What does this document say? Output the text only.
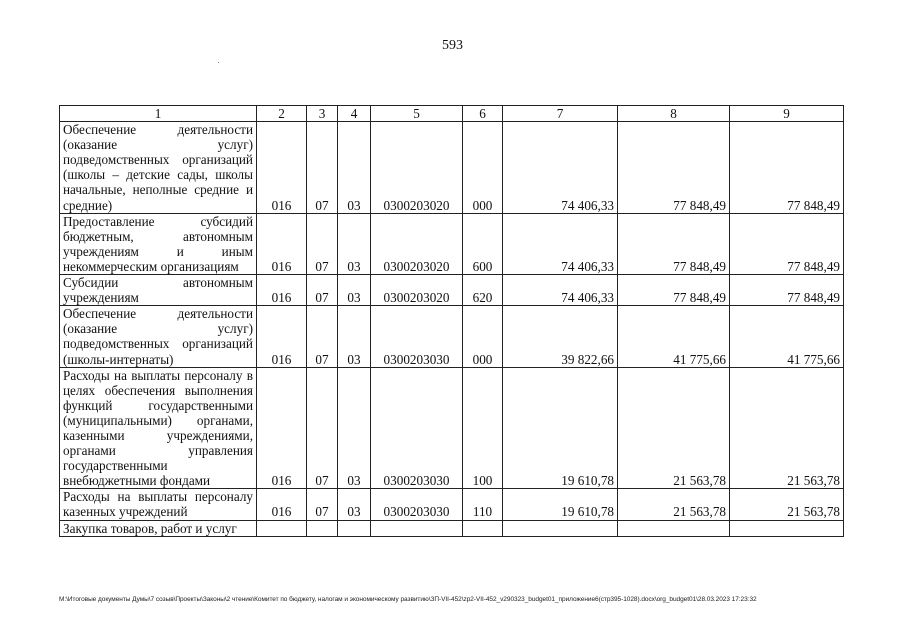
593
1	2	3	4	5	6	7	8	9
Обеспечение деятельности (оказание услуг) подведомственных организаций (школы – детские сады, школы начальные, неполные средние и средние)	016	07	03	0300203020	000	74 406,33	77 848,49	77 848,49
Предоставление субсидий бюджетным, автономным учреждениям и иным некоммерческим организациям	016	07	03	0300203020	600	74 406,33	77 848,49	77 848,49
Субсидии автономным учреждениям	016	07	03	0300203020	620	74 406,33	77 848,49	77 848,49
Обеспечение деятельности (оказание услуг) подведомственных организаций (школы-интернаты)	016	07	03	0300203030	000	39 822,66	41 775,66	41 775,66
Расходы на выплаты персоналу в целях обеспечения выполнения функций государственными (муниципальными) органами, казенными учреждениями, органами управления государственными внебюджетными фондами	016	07	03	0300203030	100	19 610,78	21 563,78	21 563,78
Расходы на выплаты персоналу казенных учреждений	016	07	03	0300203030	110	19 610,78	21 563,78	21 563,78
Закупка товаров, работ и услуг								
М:\Итоговые документы Думы\7 созыв\Проекты\Законы\2 чтение\Комитет по бюджету, налогам и экономическому развитию\ЗП-VII-452\zp2-VII-452_v290323_budget01_приложение6(стр395-1028).docx\org_budget01\28.03.2023 17:23:32
